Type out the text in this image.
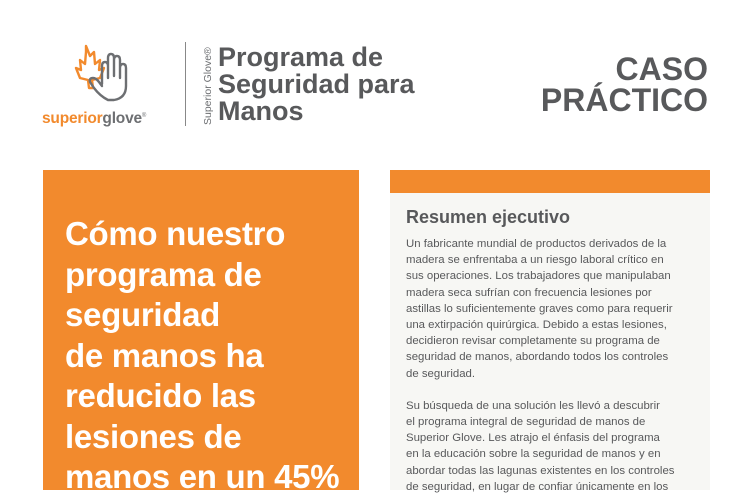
superiorglove®	Superior Glove® Programa de
Seguridad para
Manos
CASO
PRÁCTICO
Cómo nuestro
programa de
seguridad
de manos ha
reducido las
lesiones de
manos en un 45%
Resumen ejecutivo
Un fabricante mundial de productos derivados de la
madera se enfrentaba a un riesgo laboral crítico en
sus operaciones. Los trabajadores que manipulaban
madera seca sufrían con frecuencia lesiones por
astillas lo suficientemente graves como para requerir
una extirpación quirúrgica. Debido a estas lesiones,
decidieron revisar completamente su programa de
seguridad de manos, abordando todos los controles
de seguridad.
Su búsqueda de una solución les llevó a descubrir
el programa integral de seguridad de manos de
Superior Glove. Les atrajo el énfasis del programa
en la educación sobre la seguridad de manos y en
abordar todas las lagunas existentes en los controles
de seguridad, en lugar de confiar únicamente en los
